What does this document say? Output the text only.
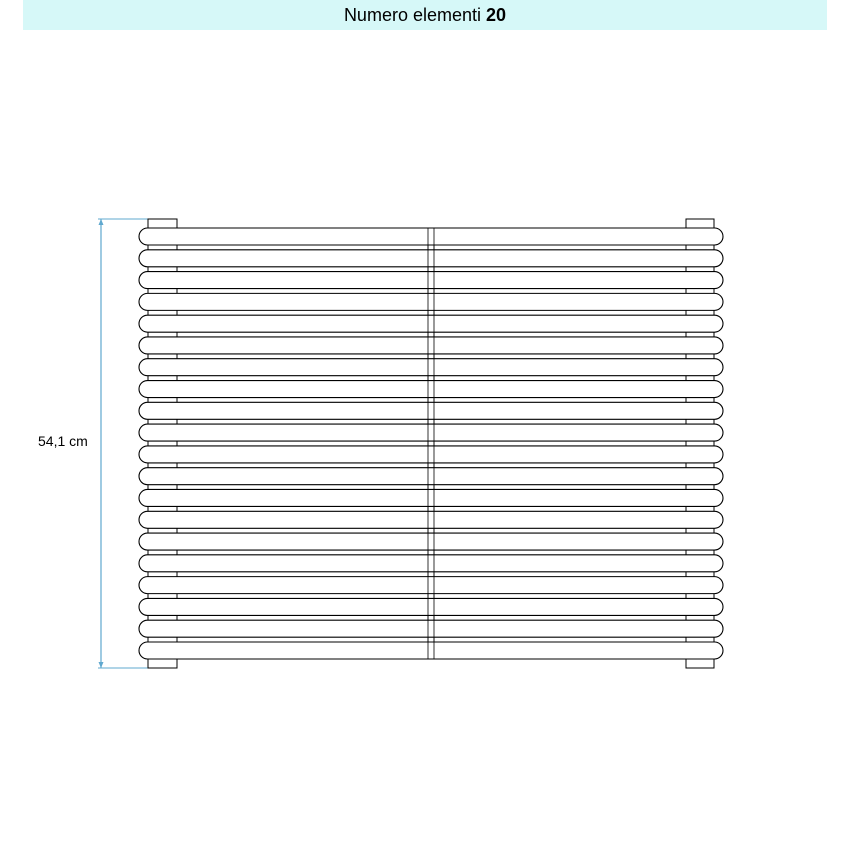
Numero elementi 20
54,1 cm
